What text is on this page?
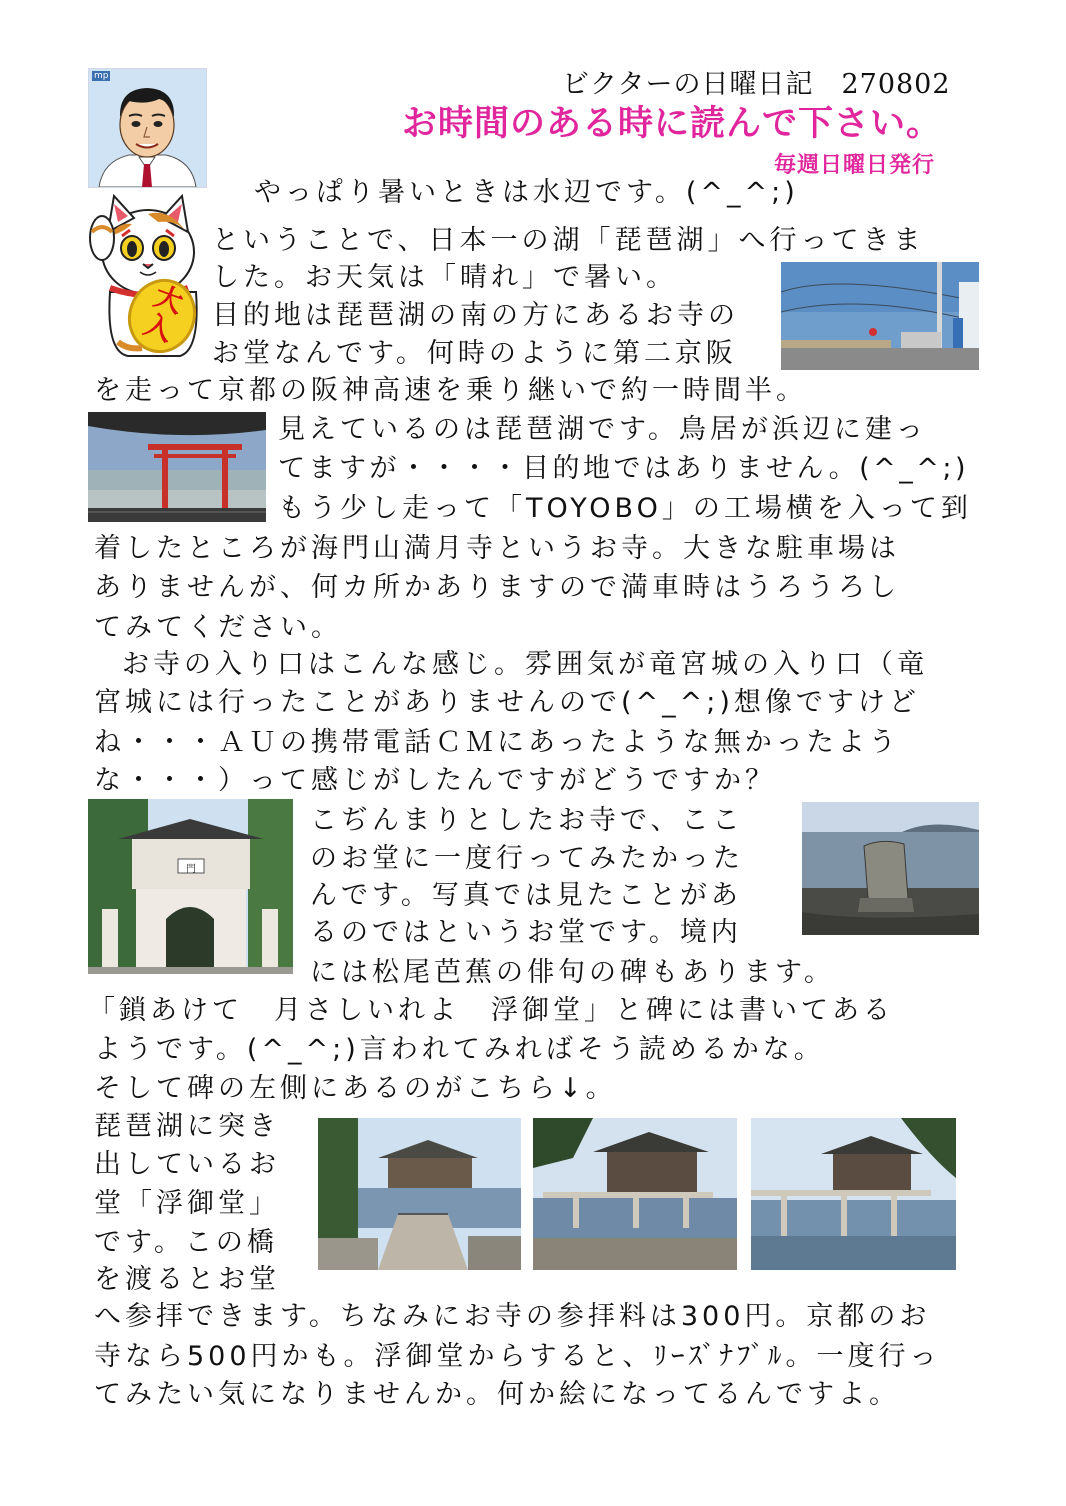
ビクターの日曜日記　270802
お時間のある時に読んで下さい。
毎週日曜日発行
mp
大入
門
やっぱり暑いときは水辺です。(^_^;)
ということで、日本一の湖「琵琶湖」へ行ってきま
した。お天気は「晴れ」で暑い。
目的地は琵琶湖の南の方にあるお寺の
お堂なんです。何時のように第二京阪
を走って京都の阪神高速を乗り継いで約一時間半。
見えているのは琵琶湖です。鳥居が浜辺に建っ
てますが・・・・目的地ではありません。(^_^;)
もう少し走って「TOYOBO」の工場横を入って到
着したところが海門山満月寺というお寺。大きな駐車場は
ありませんが、何カ所かありますので満車時はうろうろし
てみてください。
お寺の入り口はこんな感じ。雰囲気が竜宮城の入り口（竜
宮城には行ったことがありませんので(^_^;)想像ですけど
ね・・・ＡＵの携帯電話ＣＭにあったような無かったよう
な・・・）って感じがしたんですがどうですか？
こぢんまりとしたお寺で、ここ
のお堂に一度行ってみたかった
んです。写真では見たことがあ
るのではというお堂です。境内
には松尾芭蕉の俳句の碑もあります。
「鎖あけて　月さしいれよ　浮御堂」と碑には書いてある
ようです。(^_^;)言われてみればそう読めるかな。
そして碑の左側にあるのがこちら↓。
琵琶湖に突き
出しているお
堂「浮御堂」
です。この橋
を渡るとお堂
へ参拝できます。ちなみにお寺の参拝料は300円。京都のお
寺なら500円かも。浮御堂からすると、ﾘｰｽﾞﾅﾌﾞﾙ。一度行っ
てみたい気になりませんか。何か絵になってるんですよ。
